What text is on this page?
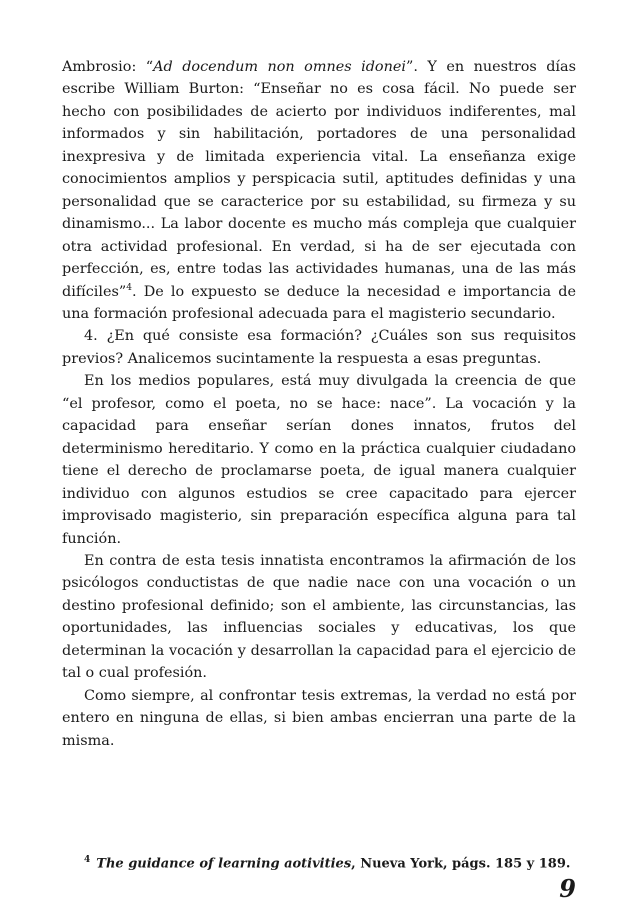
Ambrosio: “Ad docendum non omnes idonei”. Y en nuestros días escribe William Burton: “Enseñar no es cosa fácil. No puede ser hecho con posibilidades de acierto por individuos indiferentes, mal informados y sin habilitación, portadores de una personalidad inexpresiva y de limitada experiencia vital. La enseñanza exige conocimientos amplios y perspicacia sutil, aptitudes definidas y una personalidad que se caracterice por su estabilidad, su firmeza y su dinamismo... La labor docente es mucho más compleja que cualquier otra actividad profesional. En verdad, si ha de ser ejecutada con perfección, es, entre todas las actividades humanas, una de las más difíciles”$^4$. De lo expuesto se deduce la necesidad e importancia de una formación profesional adecuada para el magisterio secundario.

4. ¿En qué consiste esa formación? ¿Cuáles son sus requisitos previos? Analicemos sucintamente la respuesta a esas preguntas.

En los medios populares, está muy divulgada la creencia de que “el profesor, como el poeta, no se hace: nace”. La vocación y la capacidad para enseñar serían dones innatos, frutos del determinismo hereditario. Y como en la práctica cualquier ciudadano tiene el derecho de proclamarse poeta, de igual manera cualquier individuo con algunos estudios se cree capacitado para ejercer improvisado magisterio, sin preparación específica alguna para tal función.

En contra de esta tesis innatista encontramos la afirmación de los psicólogos conductistas de que nadie nace con una vocación o un destino profesional definido; son el ambiente, las circunstancias, las oportunidades, las influencias sociales y educativas, los que determinan la vocación y desarrollan la capacidad para el ejercicio de tal o cual profesión.

Como siempre, al confrontar tesis extremas, la verdad no está por entero en ninguna de ellas, si bien ambas encierran una parte de la misma.

$^4$ The guidance of learning aotivities, Nueva York, págs. 185 y 189.

9
